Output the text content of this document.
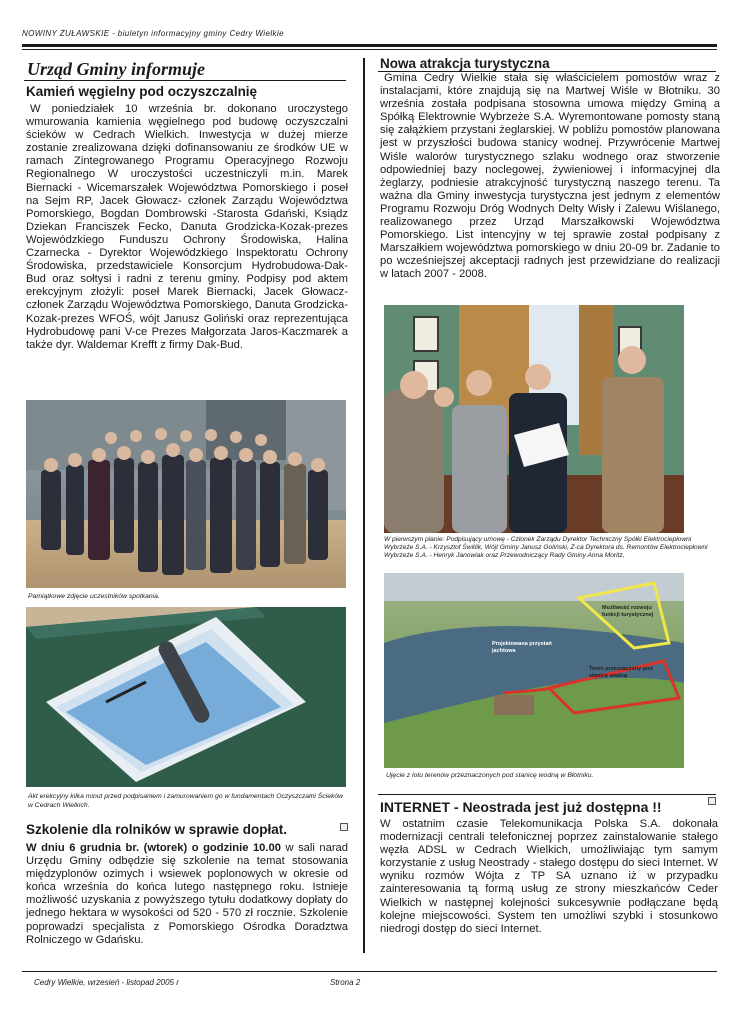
NOWINY ŻUŁAWSKIE - biuletyn informacyjny gminy Cedry Wielkie
Urząd Gminy informuje
Kamień węgielny pod oczyszczalnię

W poniedziałek 10 września br. dokonano uroczystego wmurowania kamienia węgielnego pod budowę oczyszczalni ścieków w Cedrach Wielkich. Inwestycja w dużej mierze zostanie zrealizowana dzięki dofinansowaniu ze środków UE w ramach Zintegrowanego Programu Operacyjnego Rozwoju Regionalnego W uroczystości uczestniczyli m.in. Marek Biernacki - Wicemarszałek Województwa Pomorskiego i poseł na Sejm RP, Jacek Głowacz- członek Zarządu Województwa Pomorskiego, Bogdan Dombrowski -Starosta Gdański, Ksiądz Dziekan Franciszek Fecko, Danuta Grodzicka-Kozak-prezes Wojewódzkiego Funduszu Ochrony Środowiska, Halina Czarnecka - Dyrektor Wojewódzkiego Inspektoratu Ochrony Środowiska, przedstawiciele Konsorcjum Hydrobudowa-Dak-Bud oraz sołtysi i radni z terenu gminy. Podpisy pod aktem erekcyjnym złożyli: poseł Marek Biernacki, Jacek Głowacz- członek Zarządu Województwa Pomorskiego, Danuta Grodzicka-Kozak-prezes WFOŚ, wójt Janusz Goliński oraz reprezentująca Hydrobudowę pani V-ce Prezes Małgorzata Jaros-Kaczmarek a także dyr. Waldemar Krefft z firmy Dak-Bud.

Pamiątkowe zdjęcie uczestników spotkania.
Akt erekcyjny kilka minut przed podpisaniem i zamurowaniem go w fundamentach Oczyszczalni Ścieków w Cedrach Wielkich.
Szkolenie dla rolników w sprawie dopłat.

W dniu 6 grudnia br. (wtorek) o godzinie 10.00 w sali narad Urzędu Gminy odbędzie się szkolenie na temat stosowania międzyplonów ozimych i wsiewek poplonowych w okresie od końca września do końca lutego następnego roku. Istnieje możliwość uzyskania z powyższego tytułu dodatkowy dopłaty do jednego hektara w wysokości od 520 - 570 zł rocznie. Szkolenie poprowadzi specjalista z Pomorskiego Ośrodka Doradztwa Rolniczego w Gdańsku.

Nowa atrakcja turystyczna

Gmina Cedry Wielkie stała się właścicielem pomostów wraz z instalacjami, które znajdują się na Martwej Wiśle w Błotniku. 30 września została podpisana stosowna umowa między Gminą a Spółką Elektrownie Wybrzeże S.A. Wyremontowane pomosty staną się załążkiem przystani żeglarskiej. W pobliżu pomostów planowana jest w przyszłości budowa stanicy wodnej. Przywrócenie Martwej Wiśle walorów turystycznego szlaku wodnego oraz stworzenie odpowiedniej bazy noclegowej, żywieniowej i informacyjnej dla żeglarzy, podniesie atrakcyjność turystyczną naszego terenu. Ta ważna dla Gminy inwestycja turystyczna jest jednym z elementów Programu Rozwoju Dróg Wodnych Delty Wisły i Zalewu Wiślanego, realizowanego przez Urząd Marszałkowski Województwa Pomorskiego. List intencyjny w tej sprawie został podpisany z Marszałkiem województwa pomorskiego w dniu 20-09 br. Zadanie to po wcześniejszej akceptacji radnych jest przewidziane do realizacji w latach 2007 - 2008.

W pierwszym planie: Podpisujący umowę - Członek Zarządu Dyrektor Techniczny Spółki Elektrociepłowni Wybrzeże S.A. - Krzysztof Świtlik, Wójt Gminy Janusz Goliński, Z-ca Dyrektora ds. Remontów Elektrociepłowni Wybrzeże S.A. - Henryk Janowiak oraz Przewodniczący Rady Gminy Anna Moritz,
Możliwość rozwoju funkcji turystycznej
Projektowana przystań jachtowa
Teren przeznaczony pod stanicę wodną
Ujęcie z lotu terenów przeznaczonych pod stanicę wodną w Błotniku.
INTERNET - Neostrada jest już dostępna !!

W ostatnim czasie Telekomunikacja Polska S.A. dokonała modernizacji centrali telefonicznej poprzez zainstalowanie stałego węzła ADSL w Cedrach Wielkich, umożliwiając tym samym korzystanie z usług Neostrady - stałego dostępu do sieci Internet. W wyniku rozmów Wójta z TP SA uznano iż w przypadku zainteresowania tą formą usług ze strony mieszkańców Ceder Wielkich w następnej kolejności sukcesywnie podłączane będą kolejne miejscowości. System ten umożliwi szybki i stosunkowo niedrogi dostęp do sieci Internet.

Cedry Wielkie, wrzesień - listopad 2005 r	Strona 2
